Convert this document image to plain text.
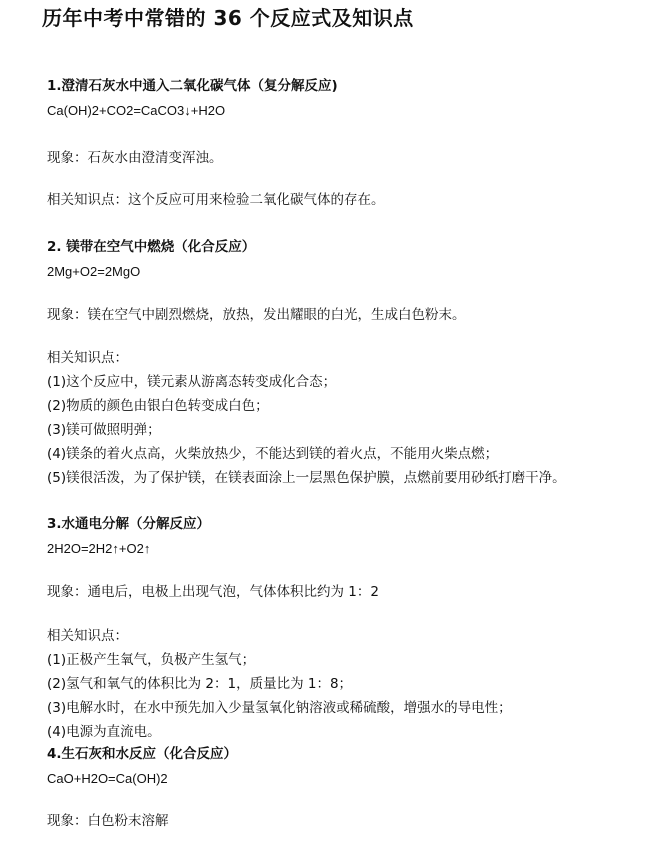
历年中考中常错的 36 个反应式及知识点
1.澄清石灰水中通入二氧化碳气体（复分解反应)
Ca(OH)2+CO2=CaCO3↓+H2O
现象：石灰水由澄清变浑浊。
相关知识点：这个反应可用来检验二氧化碳气体的存在。
2. 镁带在空气中燃烧（化合反应）
2Mg+O2=2MgO
现象：镁在空气中剧烈燃烧，放热，发出耀眼的白光，生成白色粉末。
相关知识点：
(1)这个反应中，镁元素从游离态转变成化合态；
(2)物质的颜色由银白色转变成白色；
(3)镁可做照明弹；
(4)镁条的着火点高，火柴放热少，不能达到镁的着火点，不能用火柴点燃；
(5)镁很活泼，为了保护镁，在镁表面涂上一层黑色保护膜，点燃前要用砂纸打磨干净。
3.水通电分解（分解反应）
2H2O=2H2↑+O2↑
现象：通电后，电极上出现气泡，气体体积比约为 1：2
相关知识点：
(1)正极产生氧气，负极产生氢气；
(2)氢气和氧气的体积比为 2：1，质量比为 1：8；
(3)电解水时，在水中预先加入少量氢氧化钠溶液或稀硫酸，增强水的导电性；
(4)电源为直流电。
4.生石灰和水反应（化合反应）
CaO+H2O=Ca(OH)2
现象：白色粉末溶解
